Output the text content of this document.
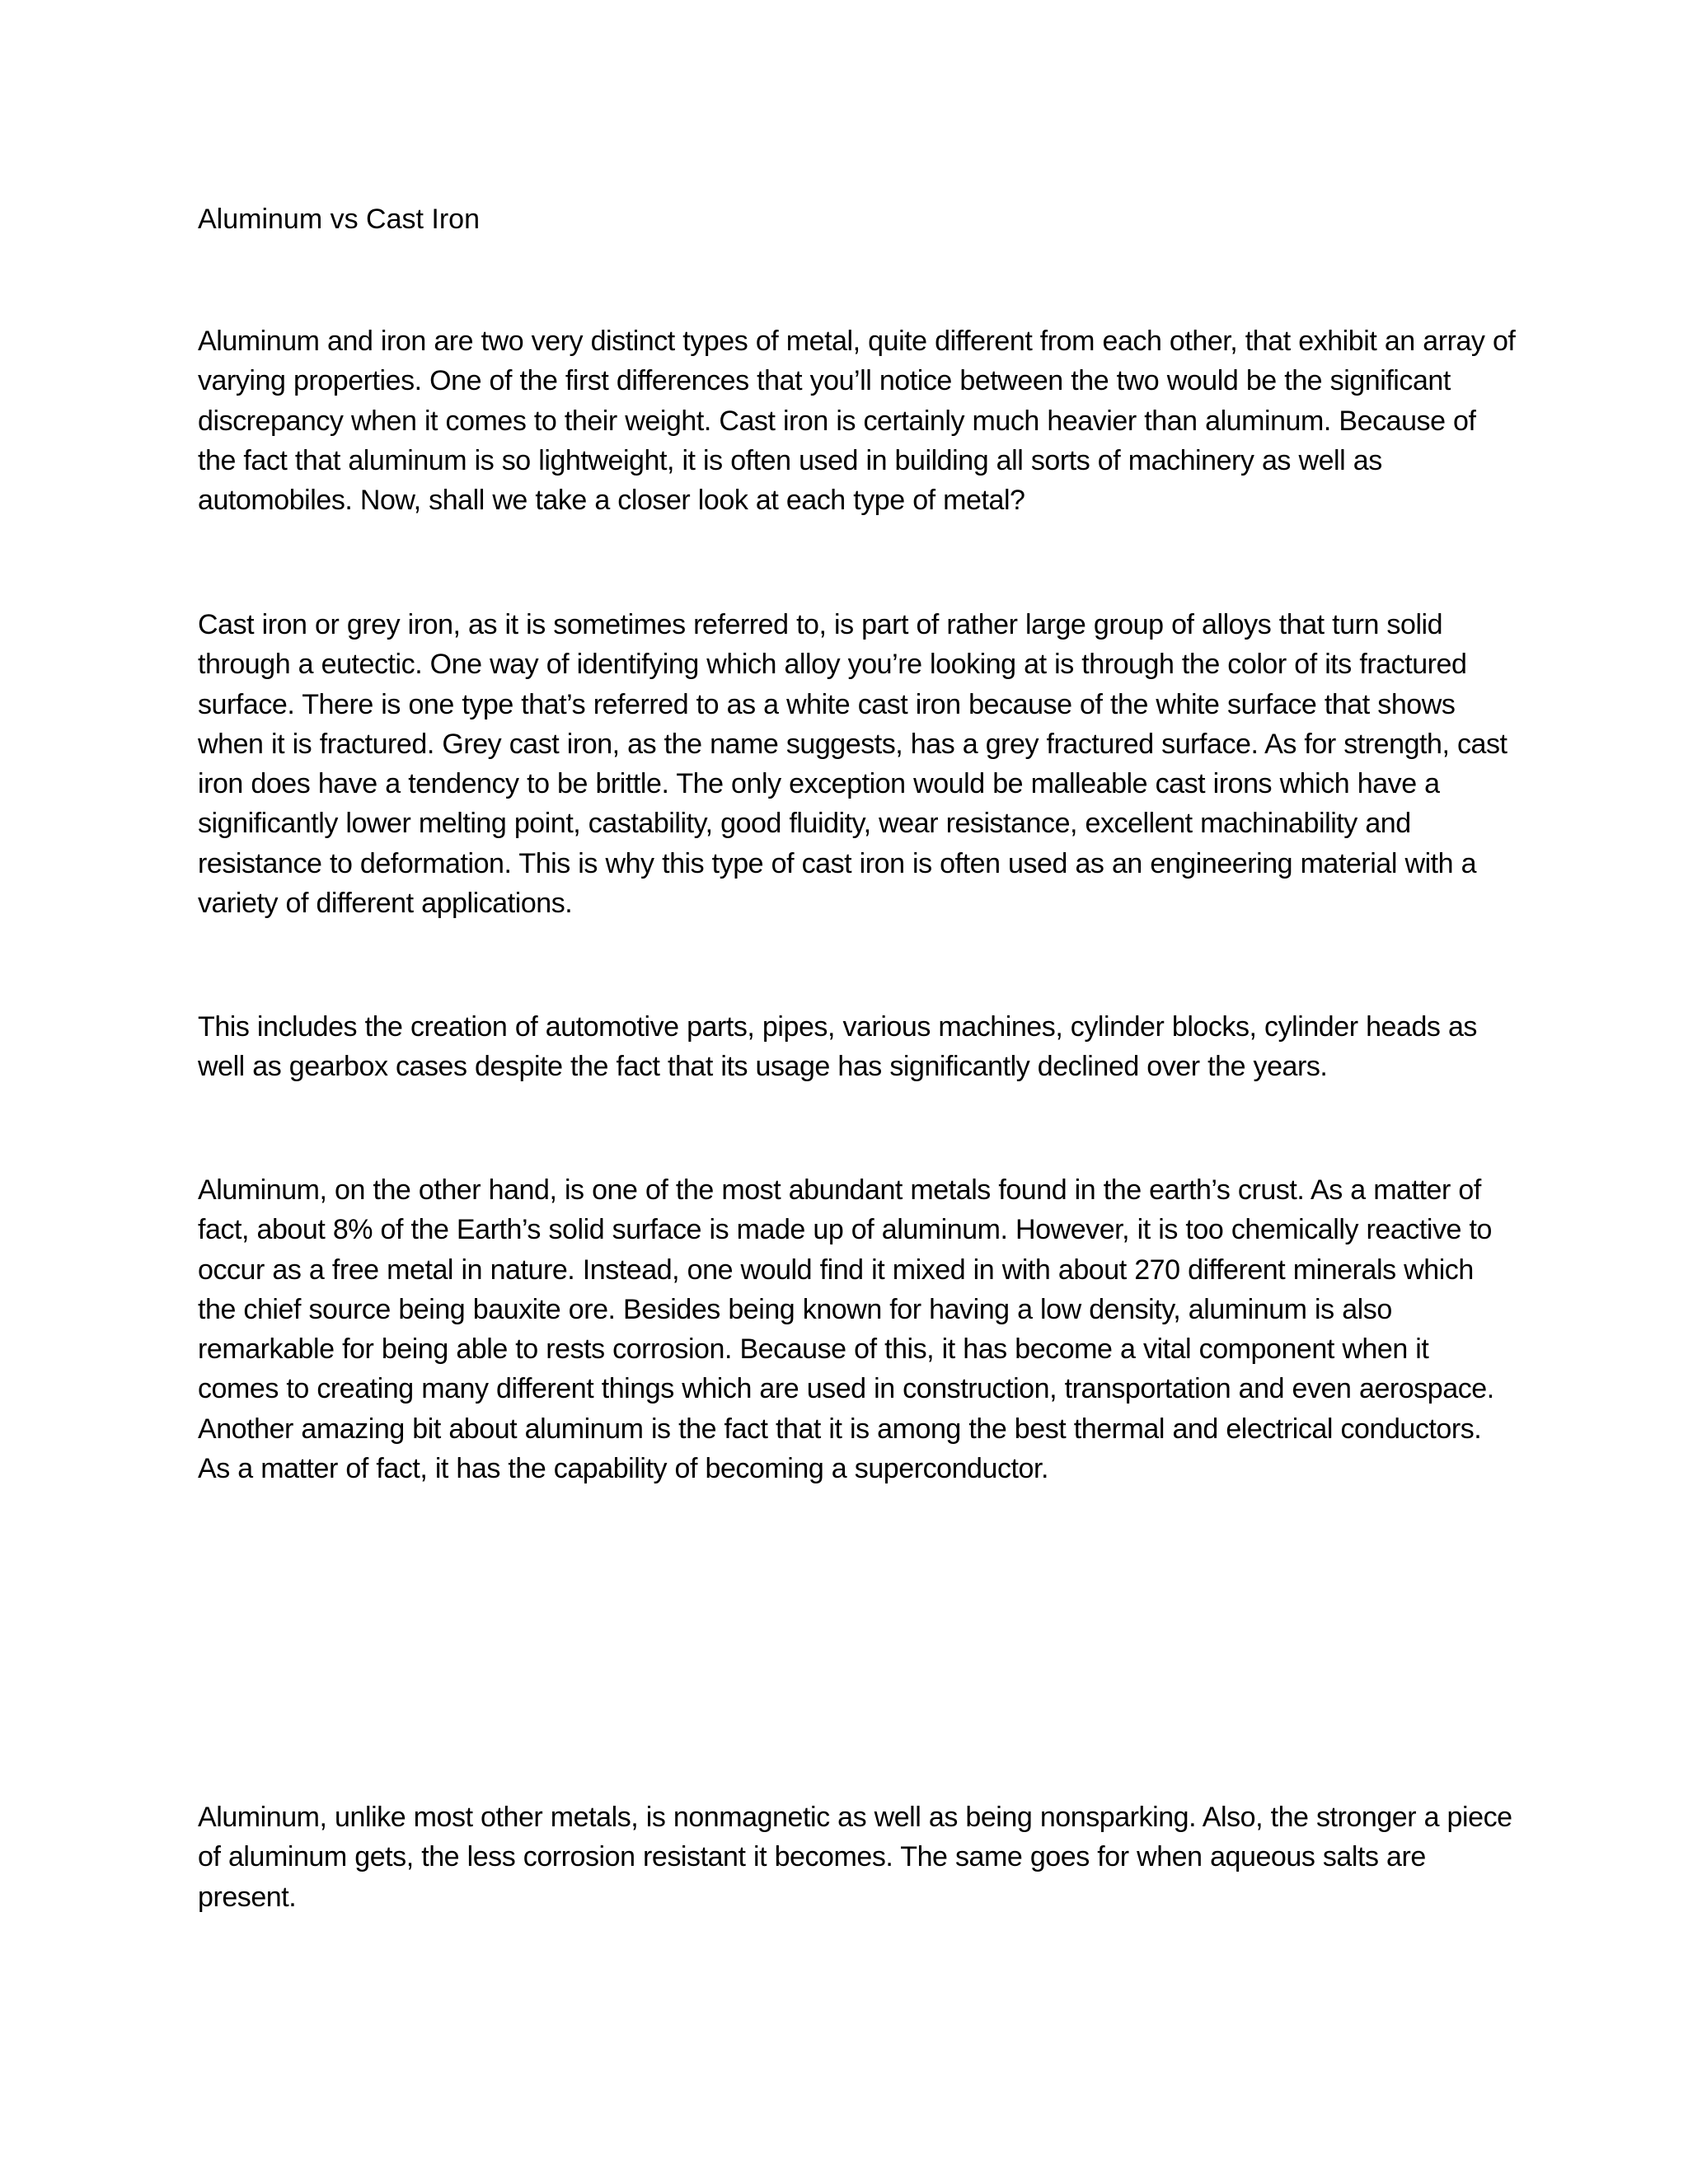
Aluminum vs Cast Iron

Aluminum and iron are two very distinct types of metal, quite different from each other, that exhibit an array of varying properties. One of the first differences that you’ll notice between the two would be the significant discrepancy when it comes to their weight. Cast iron is certainly much heavier than aluminum. Because of the fact that aluminum is so lightweight, it is often used in building all sorts of machinery as well as automobiles. Now, shall we take a closer look at each type of metal?

Cast iron or grey iron, as it is sometimes referred to, is part of rather large group of alloys that turn solid through a eutectic. One way of identifying which alloy you’re looking at is through the color of its fractured surface. There is one type that’s referred to as a white cast iron because of the white surface that shows when it is fractured. Grey cast iron, as the name suggests, has a grey fractured surface. As for strength, cast iron does have a tendency to be brittle. The only exception would be malleable cast irons which have a significantly lower melting point, castability, good fluidity, wear resistance, excellent machinability and resistance to deformation. This is why this type of cast iron is often used as an engineering material with a variety of different applications.

This includes the creation of automotive parts, pipes, various machines, cylinder blocks, cylinder heads as well as gearbox cases despite the fact that its usage has significantly declined over the years.

Aluminum, on the other hand, is one of the most abundant metals found in the earth’s crust. As a matter of fact, about 8% of the Earth’s solid surface is made up of aluminum. However, it is too chemically reactive to occur as a free metal in nature. Instead, one would find it mixed in with about 270 different minerals which the chief source being bauxite ore. Besides being known for having a low density, aluminum is also remarkable for being able to rests corrosion. Because of this, it has become a vital component when it comes to creating many different things which are used in construction, transportation and even aerospace. Another amazing bit about aluminum is the fact that it is among the best thermal and electrical conductors. As a matter of fact, it has the capability of becoming a superconductor.

Aluminum, unlike most other metals, is nonmagnetic as well as being nonsparking. Also, the stronger a piece of aluminum gets, the less corrosion resistant it becomes. The same goes for when aqueous salts are present.
